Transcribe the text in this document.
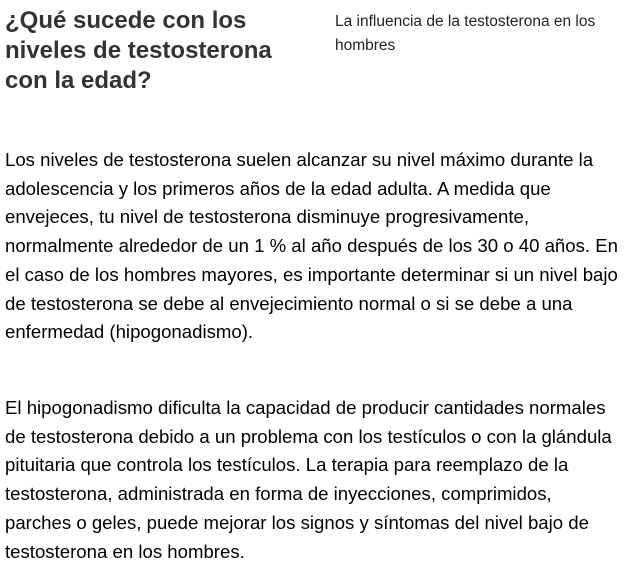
¿Qué sucede con los niveles de testosterona con la edad?
La influencia de la testosterona en los hombres

Los niveles de testosterona suelen alcanzar su nivel máximo durante la adolescencia y los primeros años de la edad adulta. A medida que envejeces, tu nivel de testosterona disminuye progresivamente, normalmente alrededor de un 1 % al año después de los 30 o 40 años. En el caso de los hombres mayores, es importante determinar si un nivel bajo de testosterona se debe al envejecimiento normal o si se debe a una enfermedad (hipogonadismo).

El hipogonadismo dificulta la capacidad de producir cantidades normales de testosterona debido a un problema con los testículos o con la glándula pituitaria que controla los testículos. La terapia para reemplazo de la testosterona, administrada en forma de inyecciones, comprimidos, parches o geles, puede mejorar los signos y síntomas del nivel bajo de testosterona en los hombres.
